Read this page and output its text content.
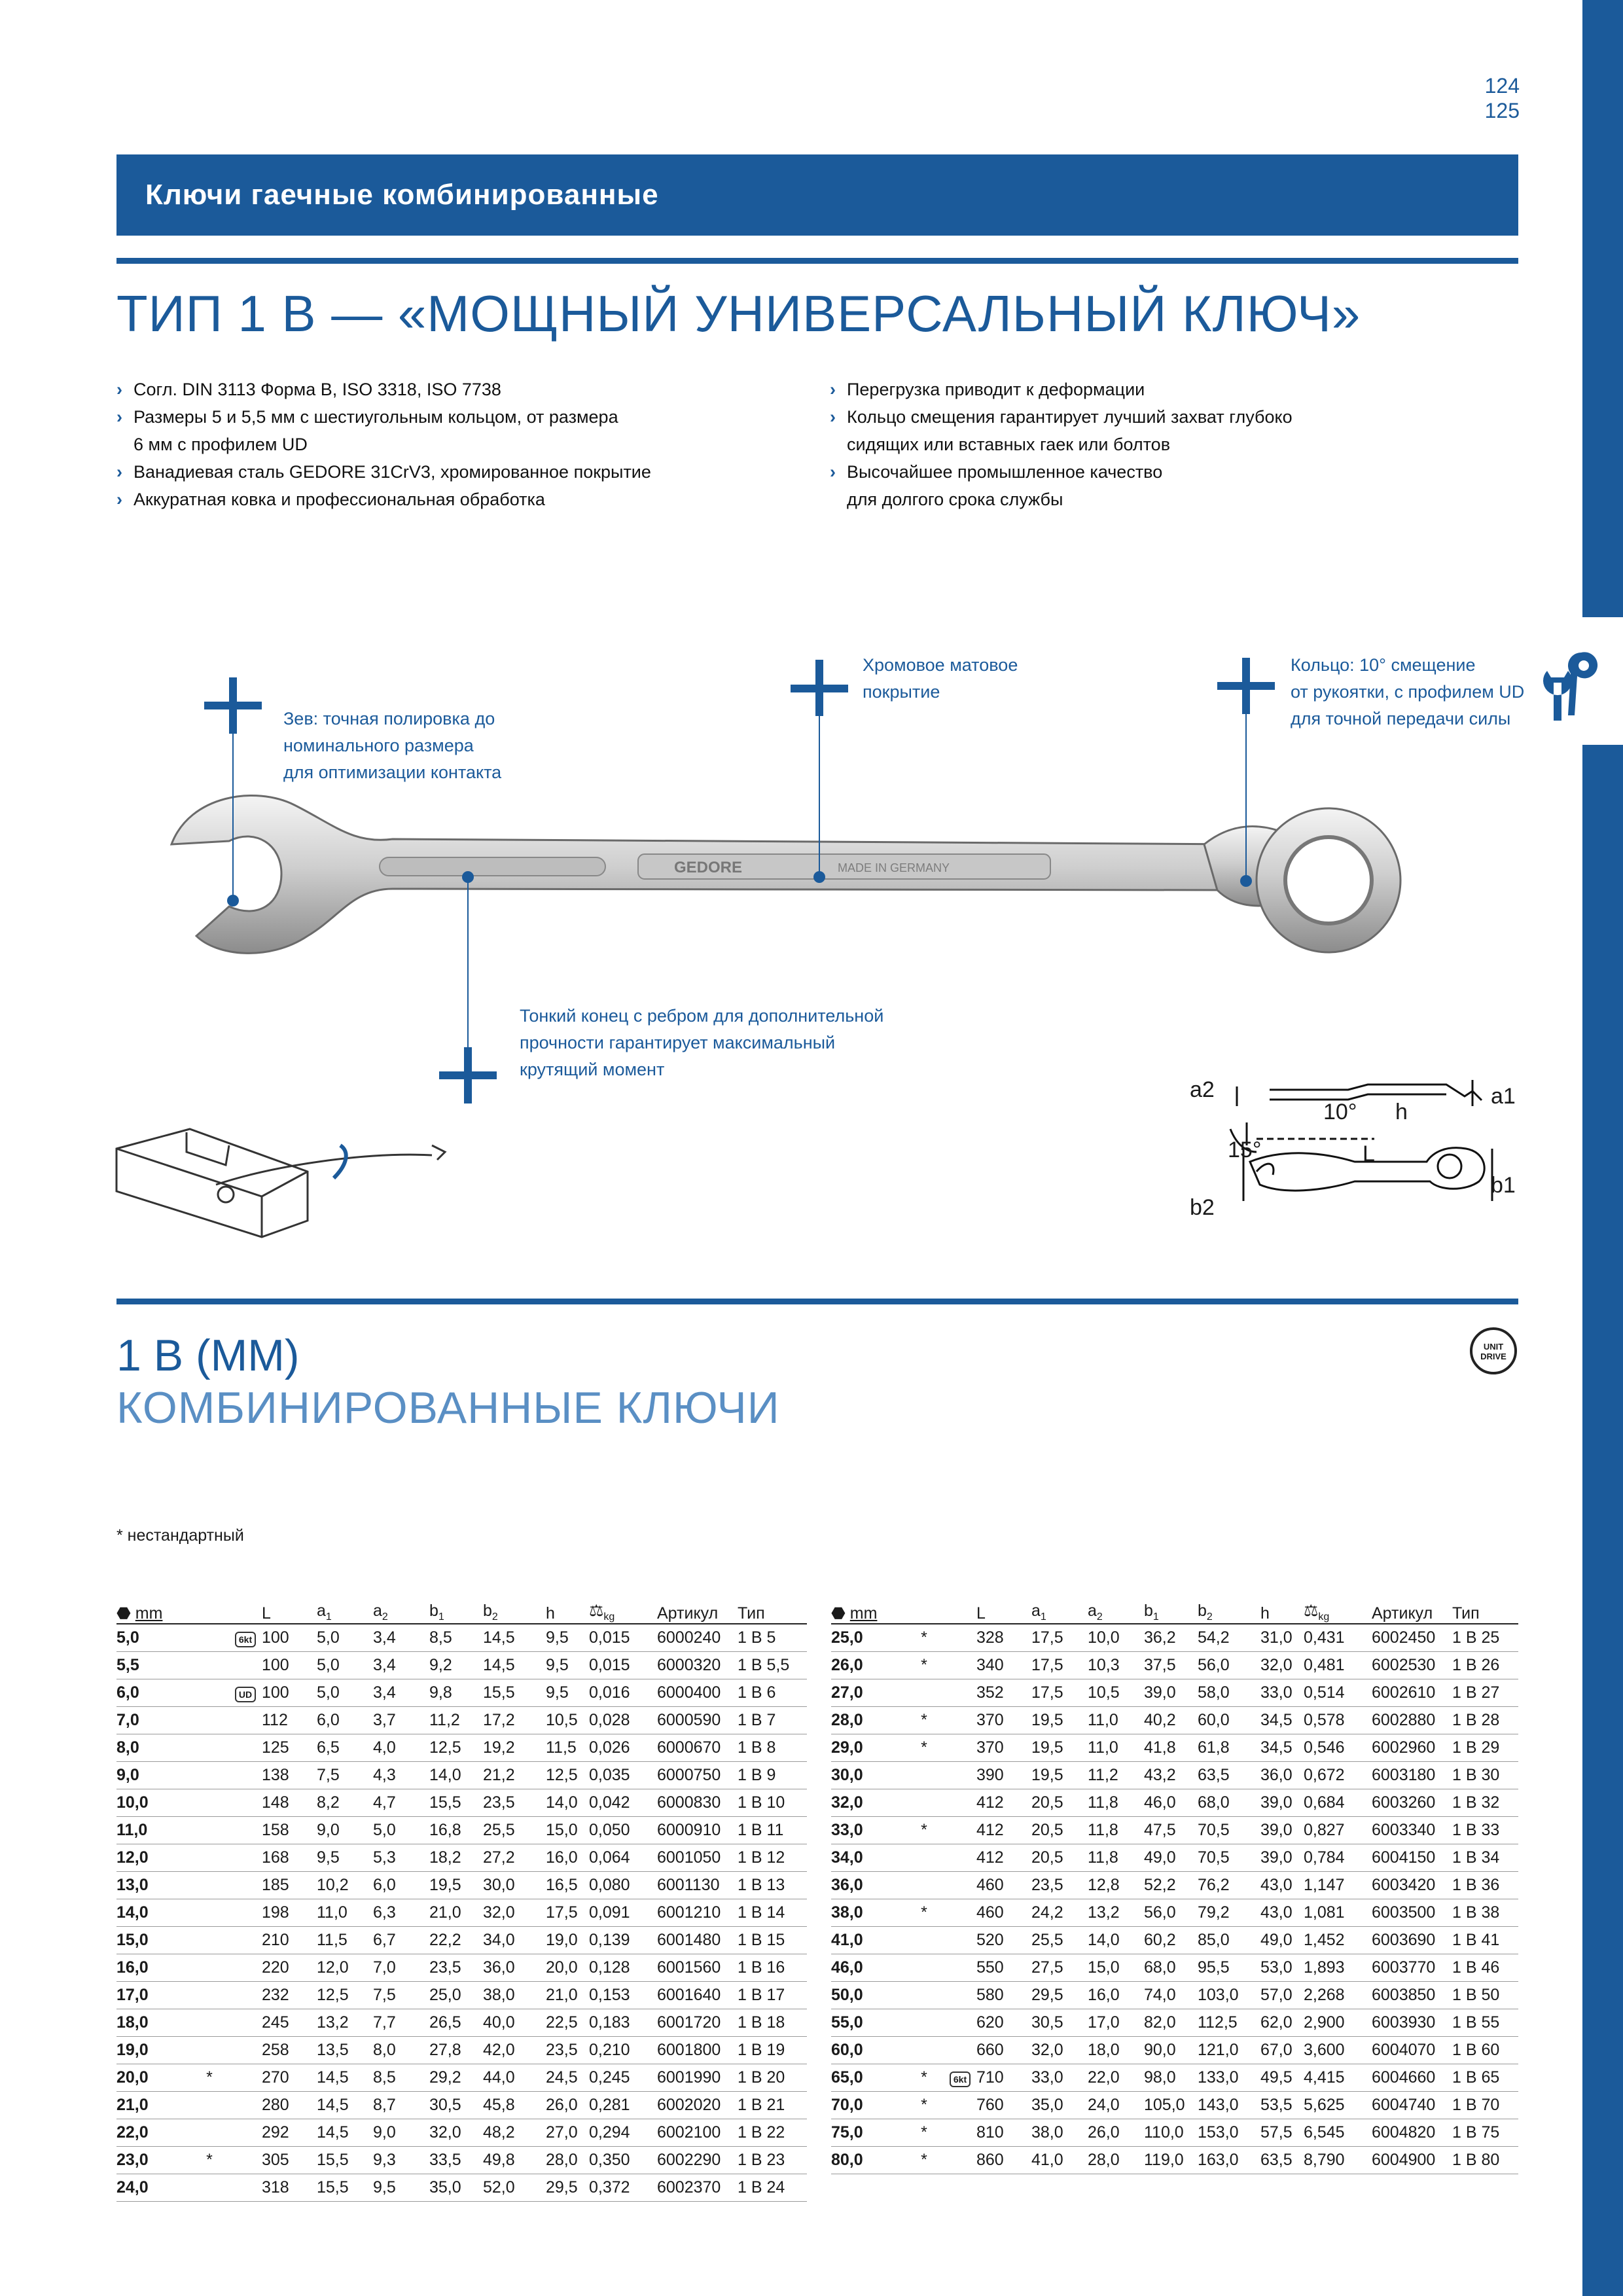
124
125
Ключи гаечные комбинированные
ТИП 1 В — «МОЩНЫЙ УНИВЕРСАЛЬНЫЙ КЛЮЧ»
› Согл. DIN 3113 Форма В, ISO 3318, ISO 7738
› Размеры 5 и 5,5 мм с шестиугольным кольцом, от размера
6 мм с профилем UD
› Ванадиевая сталь GEDORE 31CrV3, хромированное покрытие
› Аккуратная ковка и профессиональная обработка
› Перегрузка приводит к деформации
› Кольцо смещения гарантирует лучший захват глубоко
сидящих или вставных гаек или болтов
› Высочайшее промышленное качество
для долгого срока службы
GEDORE	MADE IN GERMANY
Зев: точная полировка до
номинального размера
для оптимизации контакта
Хромовое матовое
покрытие
Кольцо: 10° смещение
от рукоятки, с профилем UD
для точной передачи силы
Тонкий конец с ребром для дополнительной
прочности гарантирует максимальный
крутящий момент
a2	a1
10° h
15°	L
b1
b2
1 В (ММ)
КОМБИНИРОВАННЫЕ КЛЮЧИ
UNIT
DRIVE
* нестандартный
⬣ mm			L	$a_1$	$a_2$	$b_1$	$b_2$	h	$⚖_{kg}$	Артикул	Тип
5,0		6kt	100	5,0	3,4	8,5	14,5	9,5	0,015	6000240	1 B 5
5,5			100	5,0	3,4	9,2	14,5	9,5	0,015	6000320	1 B 5,5
6,0		UD	100	5,0	3,4	9,8	15,5	9,5	0,016	6000400	1 B 6
7,0			112	6,0	3,7	11,2	17,2	10,5	0,028	6000590	1 B 7
8,0			125	6,5	4,0	12,5	19,2	11,5	0,026	6000670	1 B 8
9,0			138	7,5	4,3	14,0	21,2	12,5	0,035	6000750	1 B 9
10,0			148	8,2	4,7	15,5	23,5	14,0	0,042	6000830	1 B 10
11,0			158	9,0	5,0	16,8	25,5	15,0	0,050	6000910	1 B 11
12,0			168	9,5	5,3	18,2	27,2	16,0	0,064	6001050	1 B 12
13,0			185	10,2	6,0	19,5	30,0	16,5	0,080	6001130	1 B 13
14,0			198	11,0	6,3	21,0	32,0	17,5	0,091	6001210	1 B 14
15,0			210	11,5	6,7	22,2	34,0	19,0	0,139	6001480	1 B 15
16,0			220	12,0	7,0	23,5	36,0	20,0	0,128	6001560	1 B 16
17,0			232	12,5	7,5	25,0	38,0	21,0	0,153	6001640	1 B 17
18,0			245	13,2	7,7	26,5	40,0	22,5	0,183	6001720	1 B 18
19,0			258	13,5	8,0	27,8	42,0	23,5	0,210	6001800	1 B 19
20,0	*		270	14,5	8,5	29,2	44,0	24,5	0,245	6001990	1 B 20
21,0			280	14,5	8,7	30,5	45,8	26,0	0,281	6002020	1 B 21
22,0			292	14,5	9,0	32,0	48,2	27,0	0,294	6002100	1 B 22
23,0	*		305	15,5	9,3	33,5	49,8	28,0	0,350	6002290	1 B 23
24,0			318	15,5	9,5	35,0	52,0	29,5	0,372	6002370	1 B 24
⬣ mm			L	$a_1$	$a_2$	$b_1$	$b_2$	h	$⚖_{kg}$	Артикул	Тип
25,0	*		328	17,5	10,0	36,2	54,2	31,0	0,431	6002450	1 B 25
26,0	*		340	17,5	10,3	37,5	56,0	32,0	0,481	6002530	1 B 26
27,0			352	17,5	10,5	39,0	58,0	33,0	0,514	6002610	1 B 27
28,0	*		370	19,5	11,0	40,2	60,0	34,5	0,578	6002880	1 B 28
29,0	*		370	19,5	11,0	41,8	61,8	34,5	0,546	6002960	1 B 29
30,0			390	19,5	11,2	43,2	63,5	36,0	0,672	6003180	1 B 30
32,0			412	20,5	11,8	46,0	68,0	39,0	0,684	6003260	1 B 32
33,0	*		412	20,5	11,8	47,5	70,5	39,0	0,827	6003340	1 B 33
34,0			412	20,5	11,8	49,0	70,5	39,0	0,784	6004150	1 B 34
36,0			460	23,5	12,8	52,2	76,2	43,0	1,147	6003420	1 B 36
38,0	*		460	24,2	13,2	56,0	79,2	43,0	1,081	6003500	1 B 38
41,0			520	25,5	14,0	60,2	85,0	49,0	1,452	6003690	1 B 41
46,0			550	27,5	15,0	68,0	95,5	53,0	1,893	6003770	1 B 46
50,0			580	29,5	16,0	74,0	103,0	57,0	2,268	6003850	1 B 50
55,0			620	30,5	17,0	82,0	112,5	62,0	2,900	6003930	1 B 55
60,0			660	32,0	18,0	90,0	121,0	67,0	3,600	6004070	1 B 60
65,0	*	6kt	710	33,0	22,0	98,0	133,0	49,5	4,415	6004660	1 B 65
70,0	*		760	35,0	24,0	105,0	143,0	53,5	5,625	6004740	1 B 70
75,0	*		810	38,0	26,0	110,0	153,0	57,5	6,545	6004820	1 B 75
80,0	*		860	41,0	28,0	119,0	163,0	63,5	8,790	6004900	1 B 80
